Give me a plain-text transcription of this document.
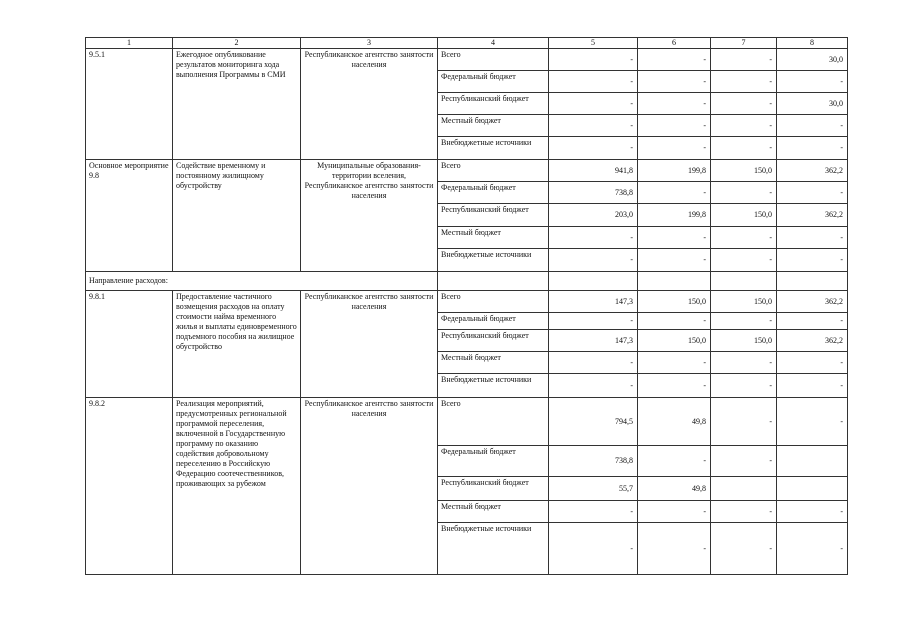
1	2	3	4	5	6	7	8
9.5.1	Ежегодное опубликование результатов мониторинга хода выполнения Программы в СМИ	Республиканское агентство занятости населения	Всего	-	-	-	30,0
			Федеральный бюджет	-	-	-	-
			Республиканский бюджет	-	-	-	30,0
			Местный бюджет	-	-	-	-
			Внебюджетные источники	-	-	-	-
Основное мероприятие 9.8	Содействие временному и постоянному жилищному обустройству	Муниципальные образования-территории вселения, Республиканское агентство занятости населения	Всего	941,8	199,8	150,0	362,2
			Федеральный бюджет	738,8	-	-	-
			Республиканский бюджет	203,0	199,8	150,0	362,2
			Местный бюджет	-	-	-	-
			Внебюджетные источники	-	-	-	-
Направление расходов:							
9.8.1	Предоставление частичного возмещения расходов на оплату стоимости найма временного жилья и выплаты единовременного подъемного пособия на жилищное обустройство	Республиканское агентство занятости населения	Всего	147,3	150,0	150,0	362,2
			Федеральный бюджет	-	-	-	-
			Республиканский бюджет	147,3	150,0	150,0	362,2
			Местный бюджет	-	-	-	-
			Внебюджетные источники	-	-	-	-
9.8.2	Реализация мероприятий, предусмотренных региональной программой переселения, включенной в Государственную программу по оказанию содействия добровольному переселению в Российскую Федерацию соотечественников, проживающих за рубежом	Республиканское агентство занятости населения	Всего	794,5	49,8	-	-
			Федеральный бюджет	738,8	-	-	
			Республиканский бюджет	55,7	49,8		
			Местный бюджет	-	-	-	-
			Внебюджетные источники	-	-	-	-
